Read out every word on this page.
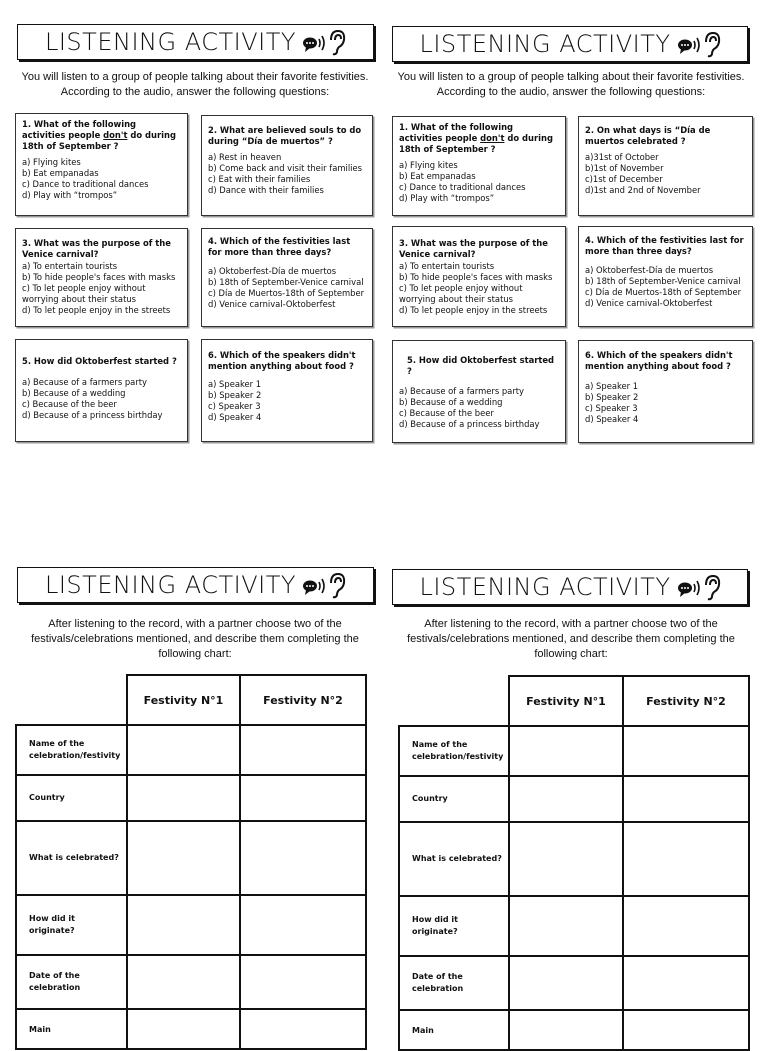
LISTENING ACTIVITY
You will listen to a group of people talking about their favorite festivities. According to the audio, answer the following questions:
1. What of the following activities people don't do during 18th of September ?
a) Flying kites
b) Eat empanadas
c) Dance to traditional dances
d) Play with “trompos”
2. What are believed souls to do during “Día de muertos” ?
a) Rest in heaven
b) Come back and visit their families
c) Eat with their families
d) Dance with their families
3. What was the purpose of the Venice carnival?
a) To entertain tourists
b) To hide people's faces with masks
c) To let people enjoy without worrying about their status
d) To let people enjoy in the streets
4. Which of the festivities last for more than three days?
a) Oktoberfest-Día de muertos
b) 18th of September-Venice carnival
c) Día de Muertos-18th of September
d) Venice carnival-Oktoberfest
5. How did Oktoberfest started ?
a) Because of a farmers party
b) Because of a wedding
c) Because of the beer
d) Because of a princess birthday
6. Which of the speakers didn't mention anything about food ?
a) Speaker 1
b) Speaker 2
c) Speaker 3
d) Speaker 4
LISTENING ACTIVITY
You will listen to a group of people talking about their favorite festivities. According to the audio, answer the following questions:
1. What of the following activities people don't do during 18th of September ?
a) Flying kites
b) Eat empanadas
c) Dance to traditional dances
d) Play with “trompos”
2. On what days is “Día de muertos celebrated ?
a)31st of October
b)1st of November
c)1st of December
d)1st and 2nd of November
3. What was the purpose of the Venice carnival?
a) To entertain tourists
b) To hide people's faces with masks
c) To let people enjoy without worrying about their status
d) To let people enjoy in the streets
4. Which of the festivities last for more than three days?
a) Oktoberfest-Día de muertos
b) 18th of September-Venice carnival
c) Día de Muertos-18th of September
d) Venice carnival-Oktoberfest
5. How did Oktoberfest started ?
a) Because of a farmers party
b) Because of a wedding
c) Because of the beer
d) Because of a princess birthday
6. Which of the speakers didn't mention anything about food ?
a) Speaker 1
b) Speaker 2
c) Speaker 3
d) Speaker 4
LISTENING ACTIVITY
After listening to the record, with a partner choose two of the festivals/celebrations mentioned, and describe them completing the following chart:
	Festivity N°1	Festivity N°2
Name of the celebration/festivity		
Country		
What is celebrated?		
How did it originate?		
Date of the celebration		
Main		
LISTENING ACTIVITY
After listening to the record, with a partner choose two of the festivals/celebrations mentioned, and describe them completing the following chart:
	Festivity N°1	Festivity N°2
Name of the celebration/festivity		
Country		
What is celebrated?		
How did it originate?		
Date of the celebration		
Main		
